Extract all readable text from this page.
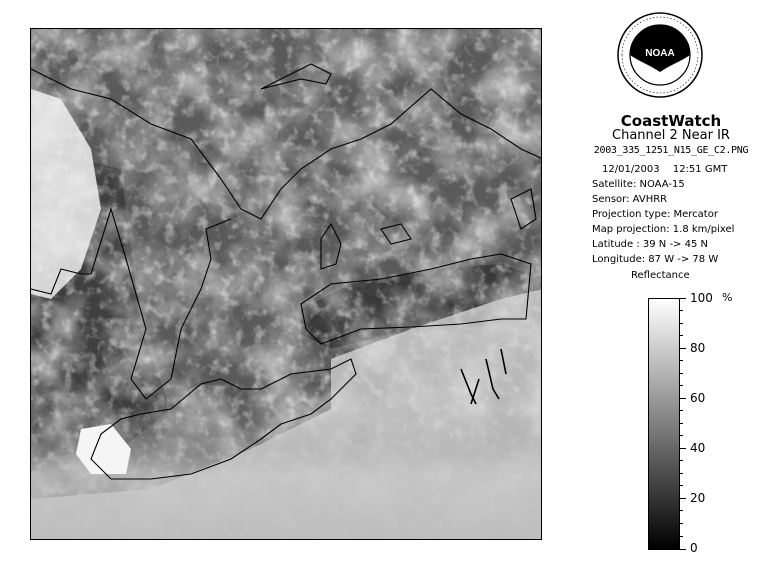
NOAA
CoastWatch
Channel 2 Near IR
2003_335_1251_N15_GE_C2.PNG
12/01/2003 12:51 GMT
Satellite: NOAA-15
Sensor: AVHRR
Projection type: Mercator
Map projection: 1.8 km/pixel
Latitude : 39 N -> 45 N
Longitude: 87 W -> 78 W
Reflectance
%
100
80
60
40
20
0
